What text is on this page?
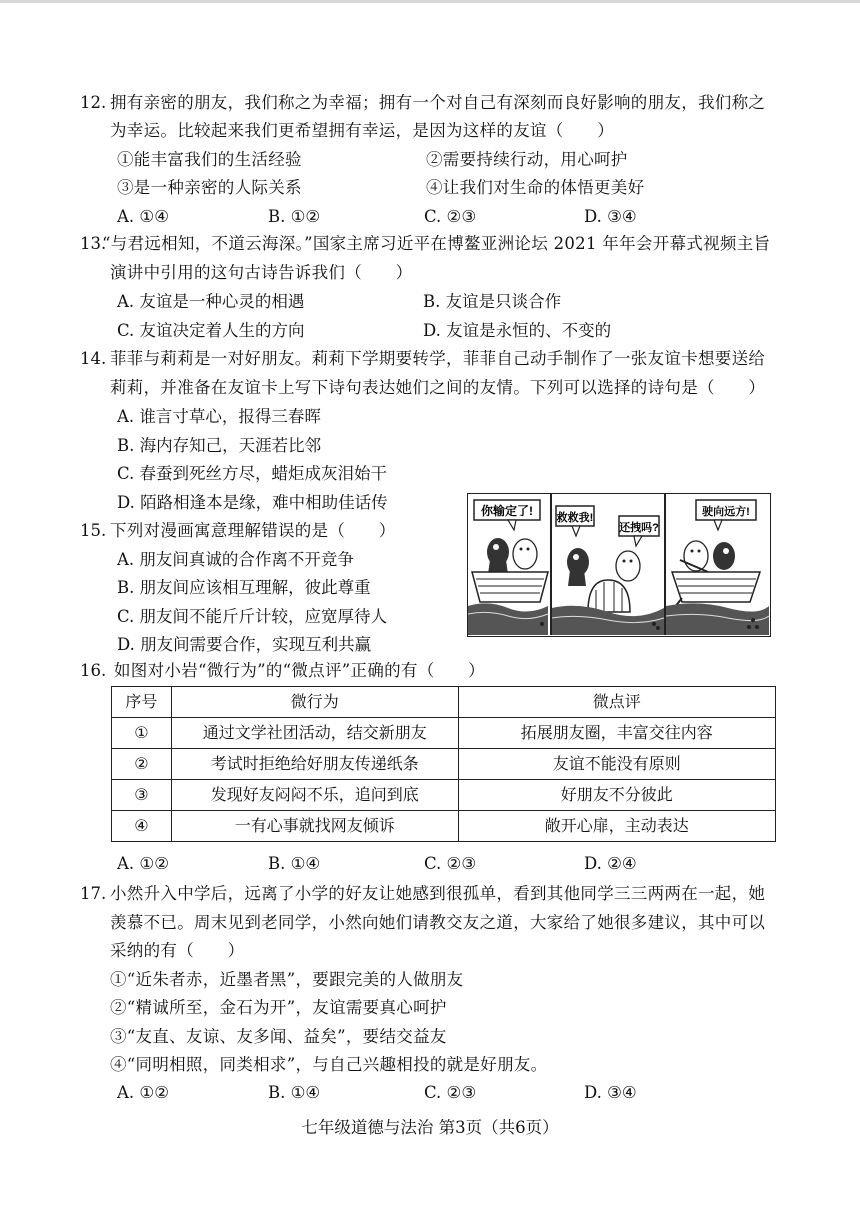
12. 拥有亲密的朋友，我们称之为幸福；拥有一个对自己有深刻而良好影响的朋友，我们称之
为幸运。比较起来我们更希望拥有幸运，是因为这样的友谊（　　）
①能丰富我们的生活经验	②需要持续行动，用心呵护
③是一种亲密的人际关系	④让我们对生命的体悟更美好
A. ①④	B. ①②	C. ②③	D. ③④
13.
“与君远相知，不道云海深。”国家主席习近平在博鳌亚洲论坛 2021 年年会开幕式视频主旨
演讲中引用的这句古诗告诉我们（　　）
A. 友谊是一种心灵的相遇	B. 友谊是只谈合作
C. 友谊决定着人生的方向	D. 友谊是永恒的、不变的
14. 菲菲与莉莉是一对好朋友。莉莉下学期要转学，菲菲自己动手制作了一张友谊卡想要送给
莉莉，并准备在友谊卡上写下诗句表达她们之间的友情。下列可以选择的诗句是（　　）
A. 谁言寸草心，报得三春晖
B. 海内存知己，天涯若比邻
C. 春蚕到死丝方尽，蜡炬成灰泪始干
D. 陌路相逢本是缘，难中相助佳话传
15. 下列对漫画寓意理解错误的是（　　）
A. 朋友间真诚的合作离不开竞争
B. 朋友间应该相互理解，彼此尊重
C. 朋友间不能斤斤计较，应宽厚待人
D. 朋友间需要合作，实现互利共赢
你输定了! 救救我!
还拽吗?
驶向远方!
16. 如图对小岩“微行为”的“微点评”正确的有（　　）
序号	微行为	微点评
①	通过文学社团活动，结交新朋友	拓展朋友圈，丰富交往内容
②	考试时拒绝给好朋友传递纸条	友谊不能没有原则
③	发现好友闷闷不乐，追问到底	好朋友不分彼此
④	一有心事就找网友倾诉	敞开心扉，主动表达
A. ①②	B. ①④	C. ②③	D. ②④
17. 小然升入中学后，远离了小学的好友让她感到很孤单，看到其他同学三三两两在一起，她
羡慕不已。周末见到老同学，小然向她们请教交友之道，大家给了她很多建议，其中可以
采纳的有（　　）
①“近朱者赤，近墨者黑”，要跟完美的人做朋友
②“精诚所至，金石为开”，友谊需要真心呵护
③“友直、友谅、友多闻、益矣”，要结交益友
④“同明相照，同类相求”，与自己兴趣相投的就是好朋友。
A. ①②	B. ①④	C. ②③	D. ③④
七年级道德与法治 第3页（共6页）
